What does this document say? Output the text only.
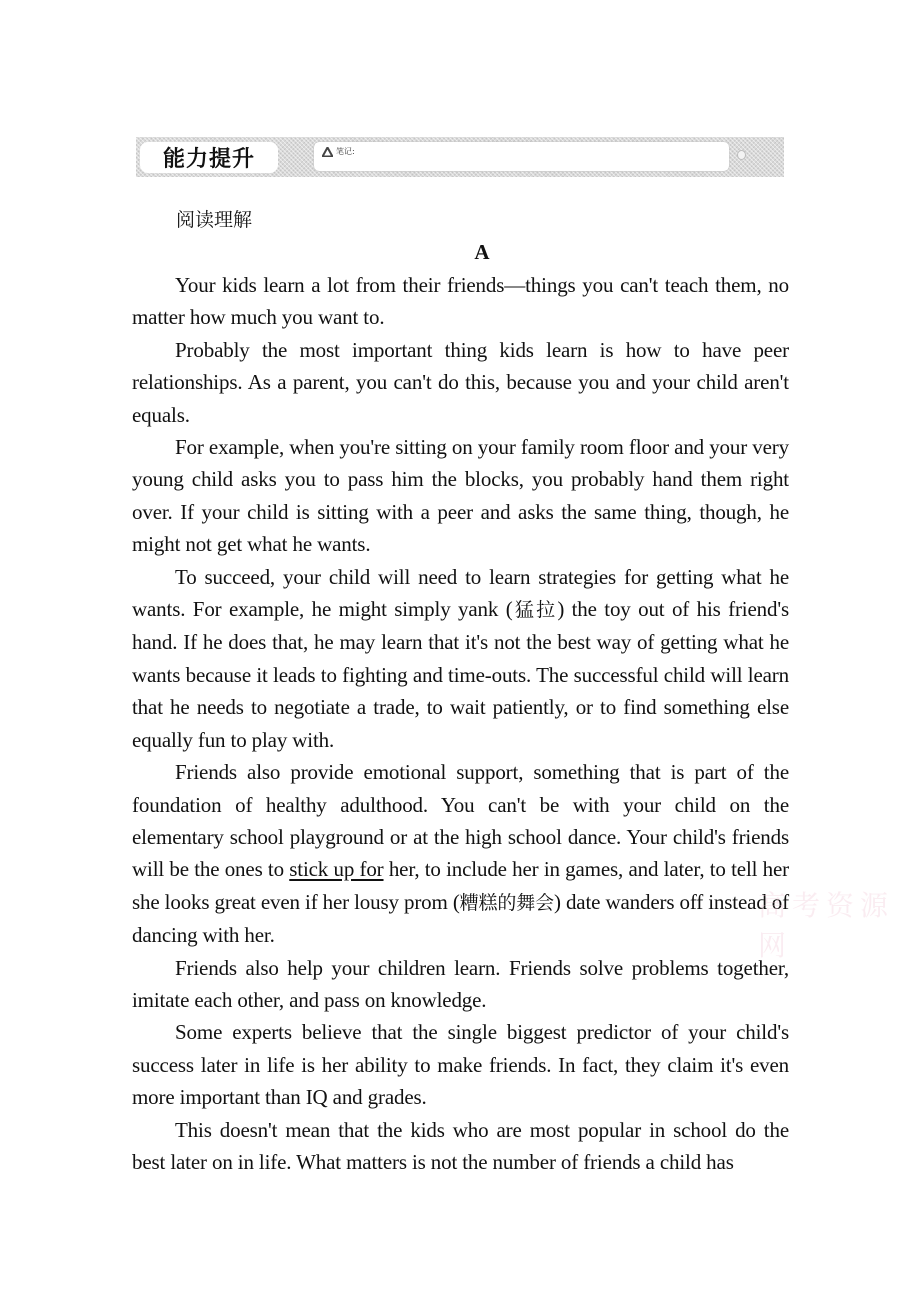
能力提升	笔记:
阅读理解
A

Your kids learn a lot from their friends—things you can't teach them, no matter how much you want to.

Probably the most important thing kids learn is how to have peer relationships. As a parent, you can't do this, because you and your child aren't equals.

For example, when you're sitting on your family room floor and your very young child asks you to pass him the blocks, you probably hand them right over. If your child is sitting with a peer and asks the same thing, though, he might not get what he wants.

To succeed, your child will need to learn strategies for getting what he wants. For example, he might simply yank (猛拉) the toy out of his friend's hand. If he does that, he may learn that it's not the best way of getting what he wants because it leads to fighting and time-outs. The successful child will learn that he needs to negotiate a trade, to wait patiently, or to find something else equally fun to play with.

Friends also provide emotional support, something that is part of the foundation of healthy adulthood. You can't be with your child on the elementary school playground or at the high school dance. Your child's friends will be the ones to stick up for her, to include her in games, and later, to tell her she looks great even if her lousy prom (糟糕的舞会) date wanders off instead of dancing with her.

Friends also help your children learn. Friends solve problems together, imitate each other, and pass on knowledge.

Some experts believe that the single biggest predictor of your child's success later in life is her ability to make friends. In fact, they claim it's even more important than IQ and grades.

This doesn't mean that the kids who are most popular in school do the best later on in life. What matters is not the number of friends a child has

高考资源网
